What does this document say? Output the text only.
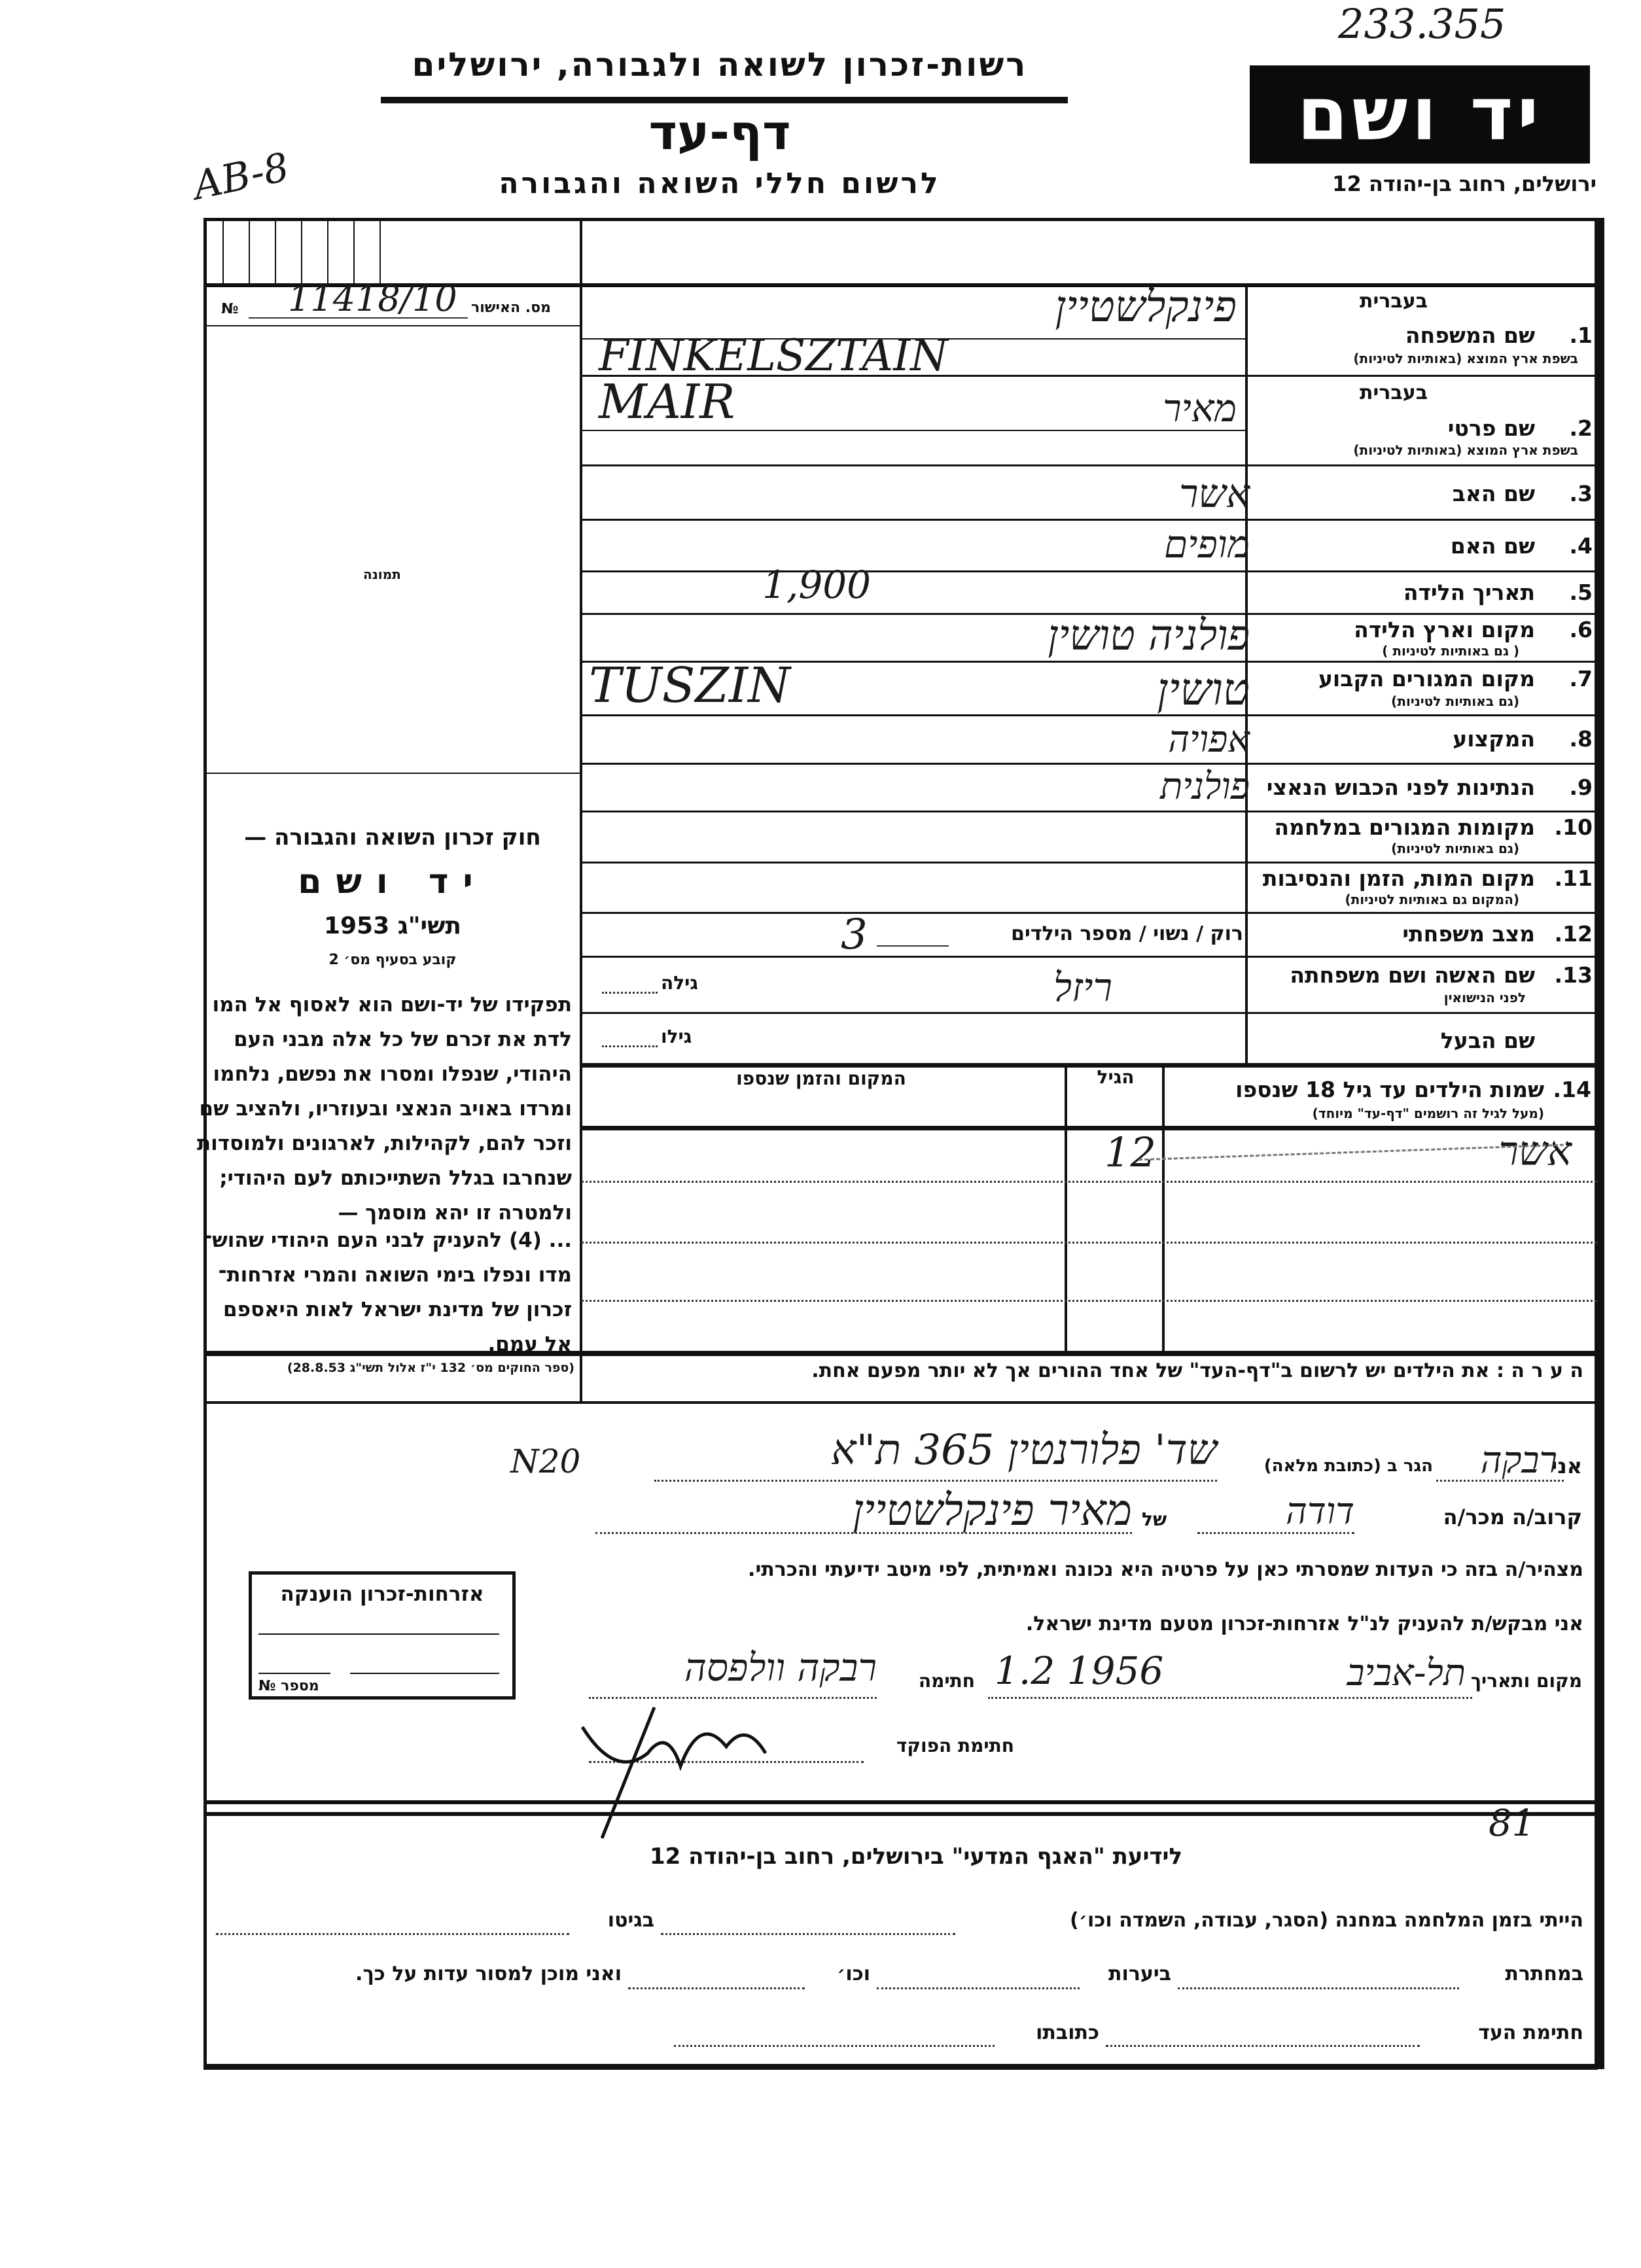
233.355
AB-8
רשות-זכרון לשואה ולגבורה, ירושלים
דף-עד
לרשום חללי השואה והגבורה
יד ושם
ירושלים, רחוב בן-יהודה 12
מס. האישור
№ 11418/10
תמונה
חוק זכרון השואה והגבורה —
יד ושם
תשי"ג 1953
קובע בסעיף מס׳ 2
תפקידו של יד-ושם הוא לאסוף אל המו
לדת את זכרם של כל אלה מבני העם
היהודי, שנפלו ומסרו את נפשם, נלחמו
ומרדו באויב הנאצי ובעוזריו, ולהציב שם
וזכר להם, לקהילות, לארגונים ולמוסדות
שנחרבו בגלל השתייכותם לעם היהודי;
ולמטרה זו יהא מוסמך —
... (4) להעניק לבני העם היהודי שהוש־
מדו ונפלו בימי השואה והמרי אזרחות־
זכרון של מדינת ישראל לאות היאספם
אל עמם.
(ספר החוקים מס׳ 132 י"ז אלול תשי"ג 28.8.53)
בעברית
1.
שם המשפחה
בשפת ארץ המוצא (באותיות לטיניות)
בעברית
2.
שם פרטי
בשפת ארץ המוצא (באותיות לטיניות)
3.
שם האב
4.
שם האם
5.
תאריך הלידה
6.
מקום וארץ הלידה
( גם באותיות לטיניות )
7.
מקום המגורים הקבוע
(גם באותיות לטיניות)
8.
המקצוע
9.
הנתינות לפני הכבוש הנאצי
10.
מקומות המגורים במלחמה
(גם באותיות לטיניות)
11.
מקום המות, הזמן והנסיבות
(המקום גם באותיות לטיניות)
12.
מצב משפחתי
13.
שם האשה ושם משפחתה
לפני הנישואין
שם הבעל
פינקלשטיין
FINKELSZTAIN
מאיר
MAIR
אשר
מופים
1,900
פולניה טושין
טושין
TUSZIN
אפויה
פולנית
רוק / נשוי / מספר הילדים
3
ריזל
גילה
גילו
14.
שמות הילדים עד גיל 18 שנספו
(מעל לגיל זה רושמים "דף-עד" מיוחד)
הגיל
המקום והזמן שנספו
אשר
12
ה ע ר ה : את הילדים יש לרשום ב"דף-העד" של אחד ההורים אך לא יותר מפעם אחת.
אני
רבקה
הגר ב (כתובת מלאה)
שד' פלורנטין 365 ת"א
N20
קרוב/ה מכר/ה
דודה
של
מאיר פינקלשטיין
מצהיר/ה בזה כי העדות שמסרתי כאן על פרטיה היא נכונה ואמיתית, לפי מיטב ידיעתי והכרתי.
אני מבקש/ת להעניק לנ"ל אזרחות-זכרון מטעם מדינת ישראל.
מקום ותאריך
תל-אביב
1.2 1956
חתימה
רבקה וולפסה
חתימת הפוקד
אזרחות-זכרון הוענקה
מספר №
81
לידיעת "האגף המדעי" בירושלים, רחוב בן-יהודה 12
הייתי בזמן המלחמה במחנה (הסגר, עבודה, השמדה וכו׳)
בגיטו
במחתרת
ביערות
וכו׳
ואני מוכן למסור עדות על כך.
חתימת העד
כתובתו
